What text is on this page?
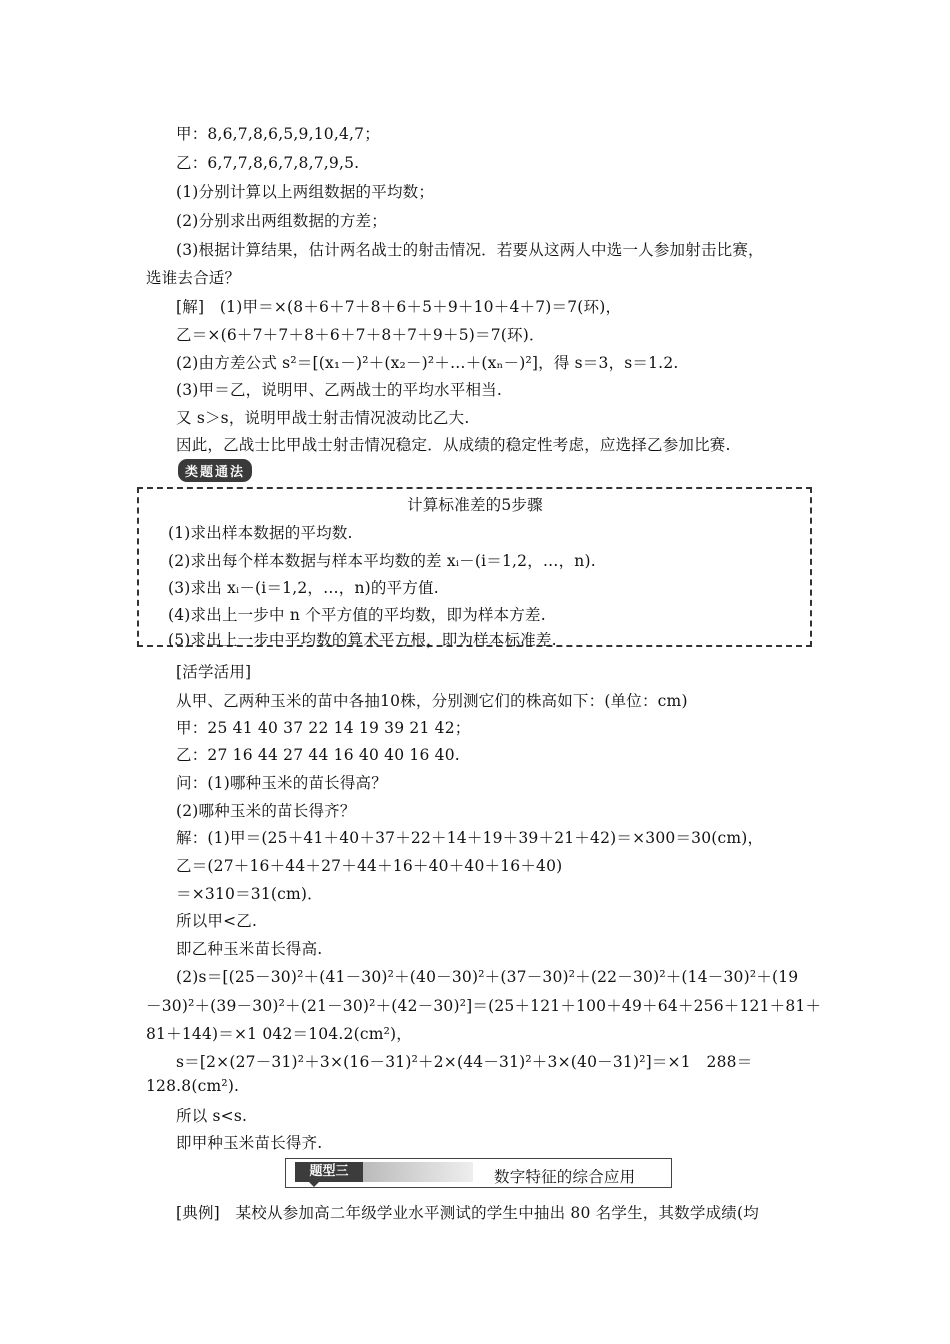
甲：8,6,7,8,6,5,9,10,4,7；
乙：6,7,7,8,6,7,8,7,9,5.
(1)分别计算以上两组数据的平均数；
(2)分别求出两组数据的方差；
(3)根据计算结果，估计两名战士的射击情况．若要从这两人中选一人参加射击比赛，
选谁去合适？
[解]　(1)甲＝×(8＋6＋7＋8＋6＋5＋9＋10＋4＋7)＝7(环)，
乙＝×(6＋7＋7＋8＋6＋7＋8＋7＋9＋5)＝7(环)．
(2)由方差公式 s²＝[(x₁－)²＋(x₂－)²＋…＋(xₙ－)²]，得 s＝3，s＝1.2.
(3)甲＝乙，说明甲、乙两战士的平均水平相当.
又 s＞s，说明甲战士射击情况波动比乙大.
因此，乙战士比甲战士射击情况稳定．从成绩的稳定性考虑，应选择乙参加比赛.
类题通法
计算标准差的5步骤
(1)求出样本数据的平均数.
(2)求出每个样本数据与样本平均数的差 xᵢ－(i＝1,2，…，n).
(3)求出 xᵢ－(i＝1,2，…，n)的平方值.
(4)求出上一步中 n 个平方值的平均数，即为样本方差.
(5)求出上一步中平均数的算术平方根，即为样本标准差.
[活学活用]
从甲、乙两种玉米的苗中各抽10株，分别测它们的株高如下：(单位：cm)
甲：25 41 40 37 22 14 19 39 21 42；
乙：27 16 44 27 44 16 40 40 16 40.
问：(1)哪种玉米的苗长得高？
(2)哪种玉米的苗长得齐？
解：(1)甲＝(25＋41＋40＋37＋22＋14＋19＋39＋21＋42)＝×300＝30(cm)，
乙＝(27＋16＋44＋27＋44＋16＋40＋40＋16＋40)
＝×310＝31(cm)．
所以甲<乙.
即乙种玉米苗长得高.
(2)s＝[(25－30)²＋(41－30)²＋(40－30)²＋(37－30)²＋(22－30)²＋(14－30)²＋(19
－30)²＋(39－30)²＋(21－30)²＋(42－30)²]＝(25＋121＋100＋49＋64＋256＋121＋81＋
81＋144)＝×1 042＝104.2(cm²)，
s＝[2×(27－31)²＋3×(16－31)²＋2×(44－31)²＋3×(40－31)²]＝×1　288＝
128.8(cm²).
所以 s<s.
即甲种玉米苗长得齐.
题型三	数字特征的综合应用
[典例]　某校从参加高二年级学业水平测试的学生中抽出 80 名学生，其数学成绩(均
